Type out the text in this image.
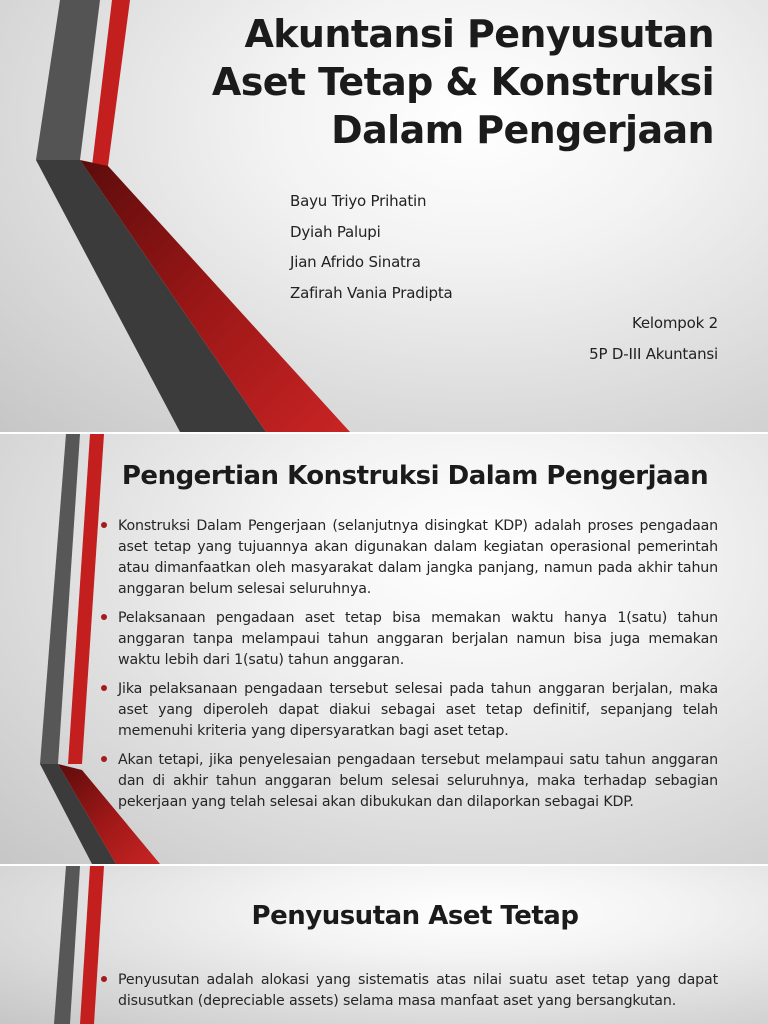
Akuntansi Penyusutan Aset Tetap & Konstruksi Dalam Pengerjaan
Bayu Triyo Prihatin
Dyiah Palupi
Jian Afrido Sinatra
Zafirah Vania Pradipta
Kelompok 2
5P D-III Akuntansi
Pengertian Konstruksi Dalam Pengerjaan
Konstruksi Dalam Pengerjaan (selanjutnya disingkat KDP) adalah proses pengadaan aset tetap yang tujuannya akan digunakan dalam kegiatan operasional pemerintah atau dimanfaatkan oleh masyarakat dalam jangka panjang, namun pada akhir tahun anggaran belum selesai seluruhnya.
Pelaksanaan pengadaan aset tetap bisa memakan waktu hanya 1(satu) tahun anggaran tanpa melampaui tahun anggaran berjalan namun bisa juga memakan waktu lebih dari 1(satu) tahun anggaran.
Jika pelaksanaan pengadaan tersebut selesai pada tahun anggaran berjalan, maka aset yang diperoleh dapat diakui sebagai aset tetap definitif, sepanjang telah memenuhi kriteria yang dipersyaratkan bagi aset tetap.
Akan tetapi, jika penyelesaian pengadaan tersebut melampaui satu tahun anggaran dan di akhir tahun anggaran belum selesai seluruhnya, maka terhadap sebagian pekerjaan yang telah selesai akan dibukukan dan dilaporkan sebagai KDP.
Penyusutan Aset Tetap
Penyusutan adalah alokasi yang sistematis atas nilai suatu aset tetap yang dapat disusutkan (depreciable assets) selama masa manfaat aset yang bersangkutan.
